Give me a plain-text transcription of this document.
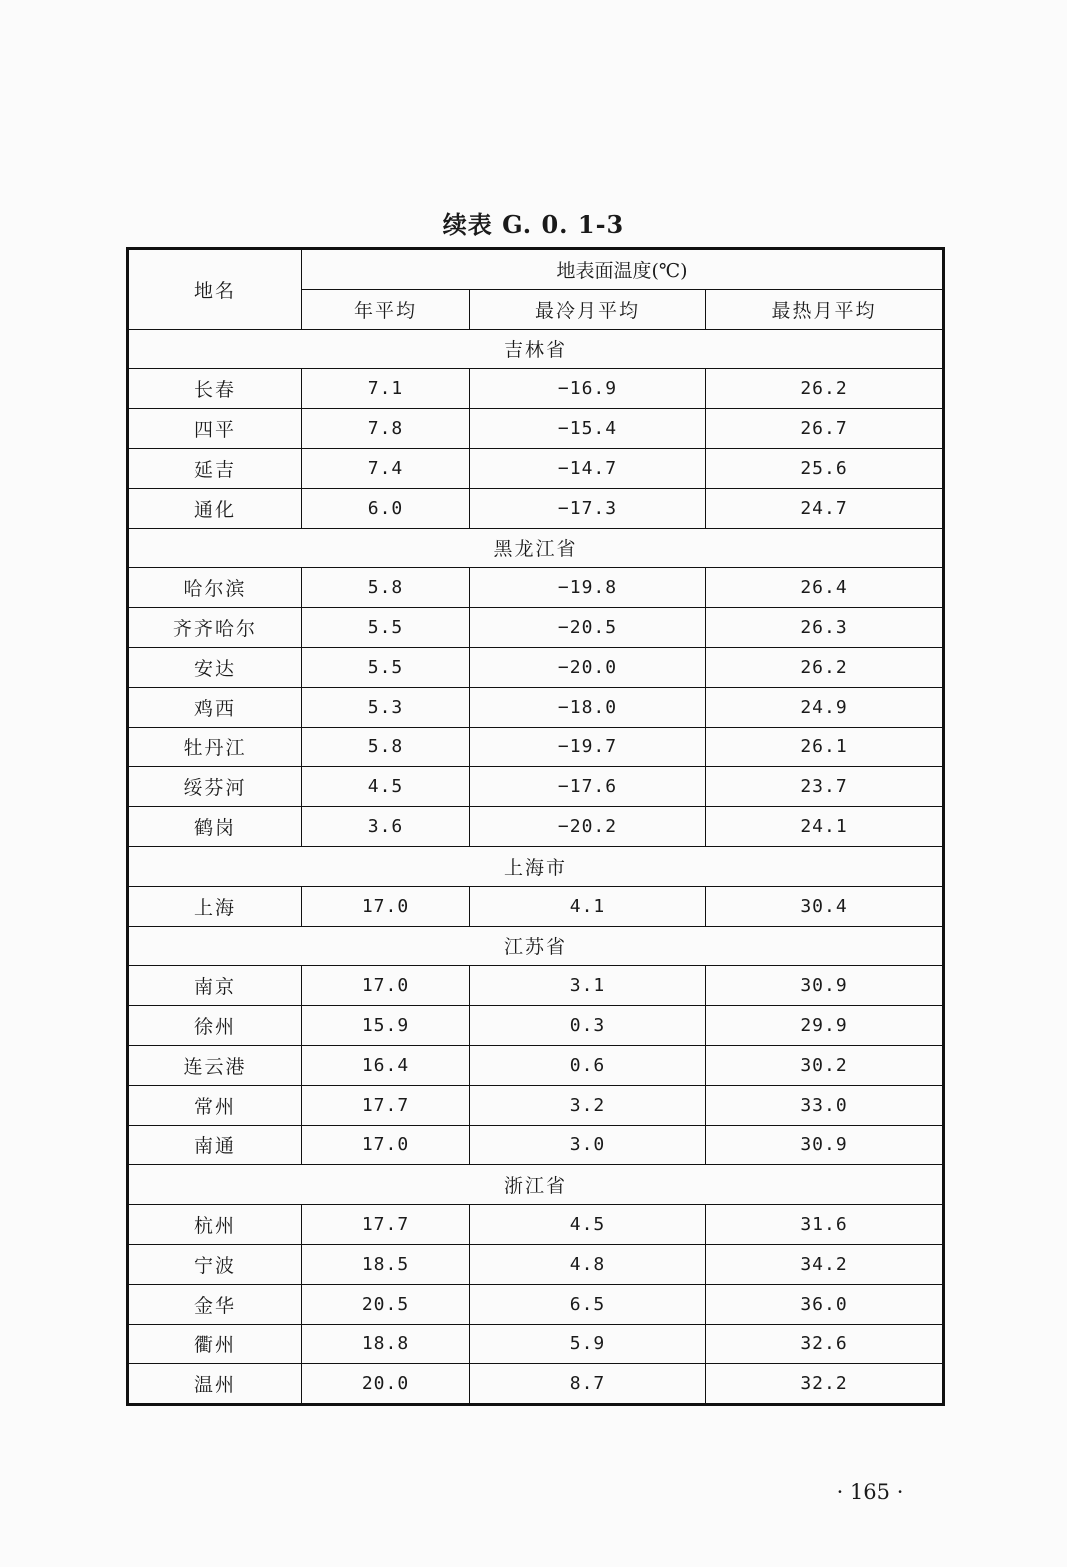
续表 G. 0. 1-3
地名	地表面温度(℃)		
	年平均	最冷月平均	最热月平均
吉林省			
长春	7.1	−16.9	26.2
四平	7.8	−15.4	26.7
延吉	7.4	−14.7	25.6
通化	6.0	−17.3	24.7
黑龙江省			
哈尔滨	5.8	−19.8	26.4
齐齐哈尔	5.5	−20.5	26.3
安达	5.5	−20.0	26.2
鸡西	5.3	−18.0	24.9
牡丹江	5.8	−19.7	26.1
绥芬河	4.5	−17.6	23.7
鹤岗	3.6	−20.2	24.1
上海市			
上海	17.0	4.1	30.4
江苏省			
南京	17.0	3.1	30.9
徐州	15.9	0.3	29.9
连云港	16.4	0.6	30.2
常州	17.7	3.2	33.0
南通	17.0	3.0	30.9
浙江省			
杭州	17.7	4.5	31.6
宁波	18.5	4.8	34.2
金华	20.5	6.5	36.0
衢州	18.8	5.9	32.6
温州	20.0	8.7	32.2
· 165 ·
